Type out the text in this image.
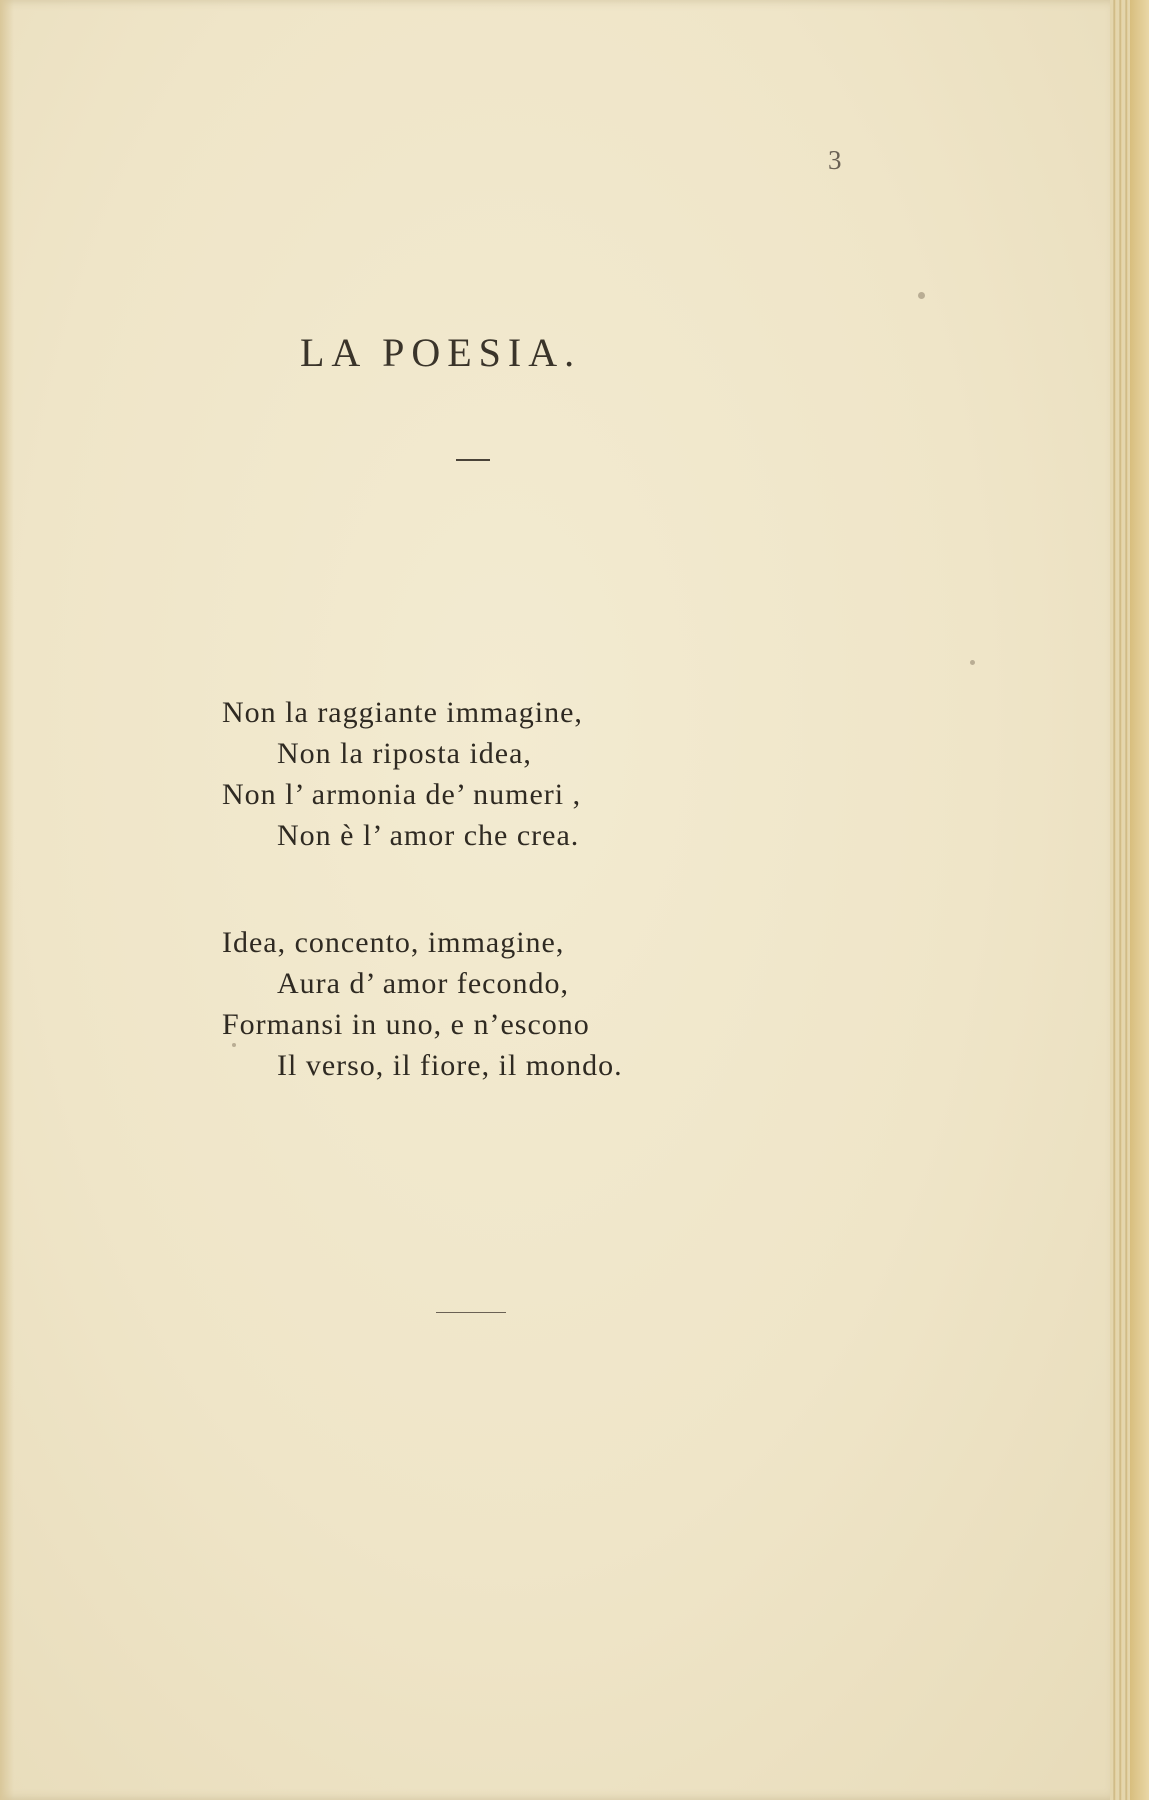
3
LA POESIA.
Non la raggiante immagine,
Non la riposta idea,
Non l’ armonia de’ numeri ,
Non è l’ amor che crea.
Idea, concento, immagine,
Aura d’ amor fecondo,
Formansi in uno, e n’escono
Il verso, il fiore, il mondo.
